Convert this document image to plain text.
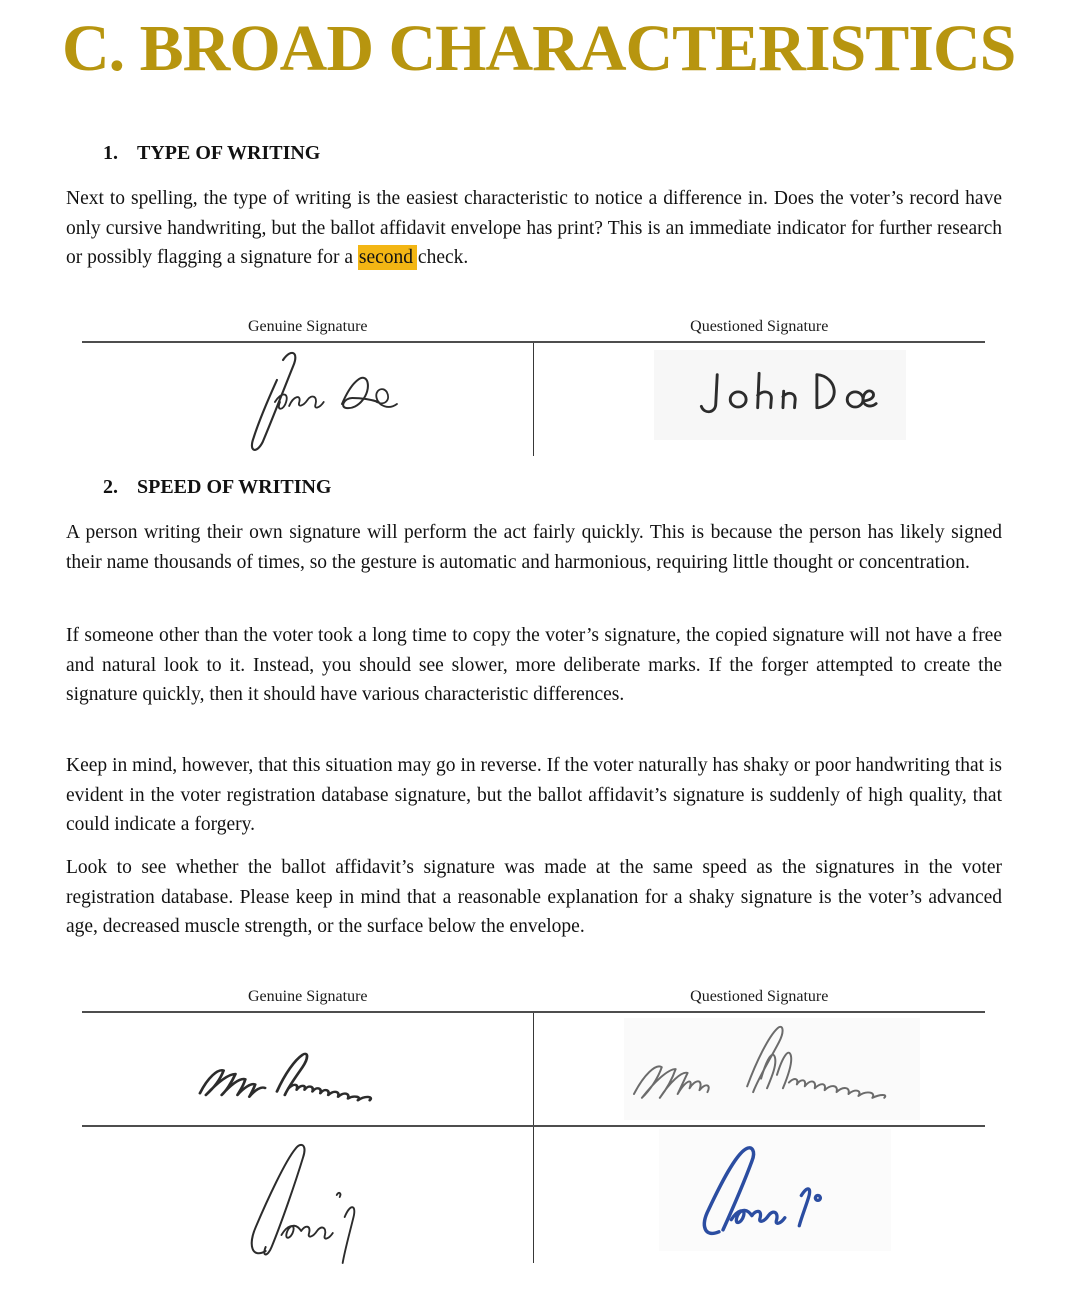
C. BROAD CHARACTERISTICS
1. TYPE OF WRITING

Next to spelling, the type of writing is the easiest characteristic to notice a difference in. Does the voter’s record have only cursive handwriting, but the ballot affidavit envelope has print? This is an immediate indicator for further research or possibly flagging a signature for a second check.

Genuine Signature	Questioned Signature
2. SPEED OF WRITING

A person writing their own signature will perform the act fairly quickly. This is because the person has likely signed their name thousands of times, so the gesture is automatic and harmonious, requiring little thought or concentration.

If someone other than the voter took a long time to copy the voter’s signature, the copied signature will not have a free and natural look to it. Instead, you should see slower, more deliberate marks. If the forger attempted to create the signature quickly, then it should have various characteristic differences.

Keep in mind, however, that this situation may go in reverse. If the voter naturally has shaky or poor handwriting that is evident in the voter registration database signature, but the ballot affidavit’s signature is suddenly of high quality, that could indicate a forgery.

Look to see whether the ballot affidavit’s signature was made at the same speed as the signatures in the voter registration database. Please keep in mind that a reasonable explanation for a shaky signature is the voter’s advanced age, decreased muscle strength, or the surface below the envelope.

Genuine Signature	Questioned Signature
